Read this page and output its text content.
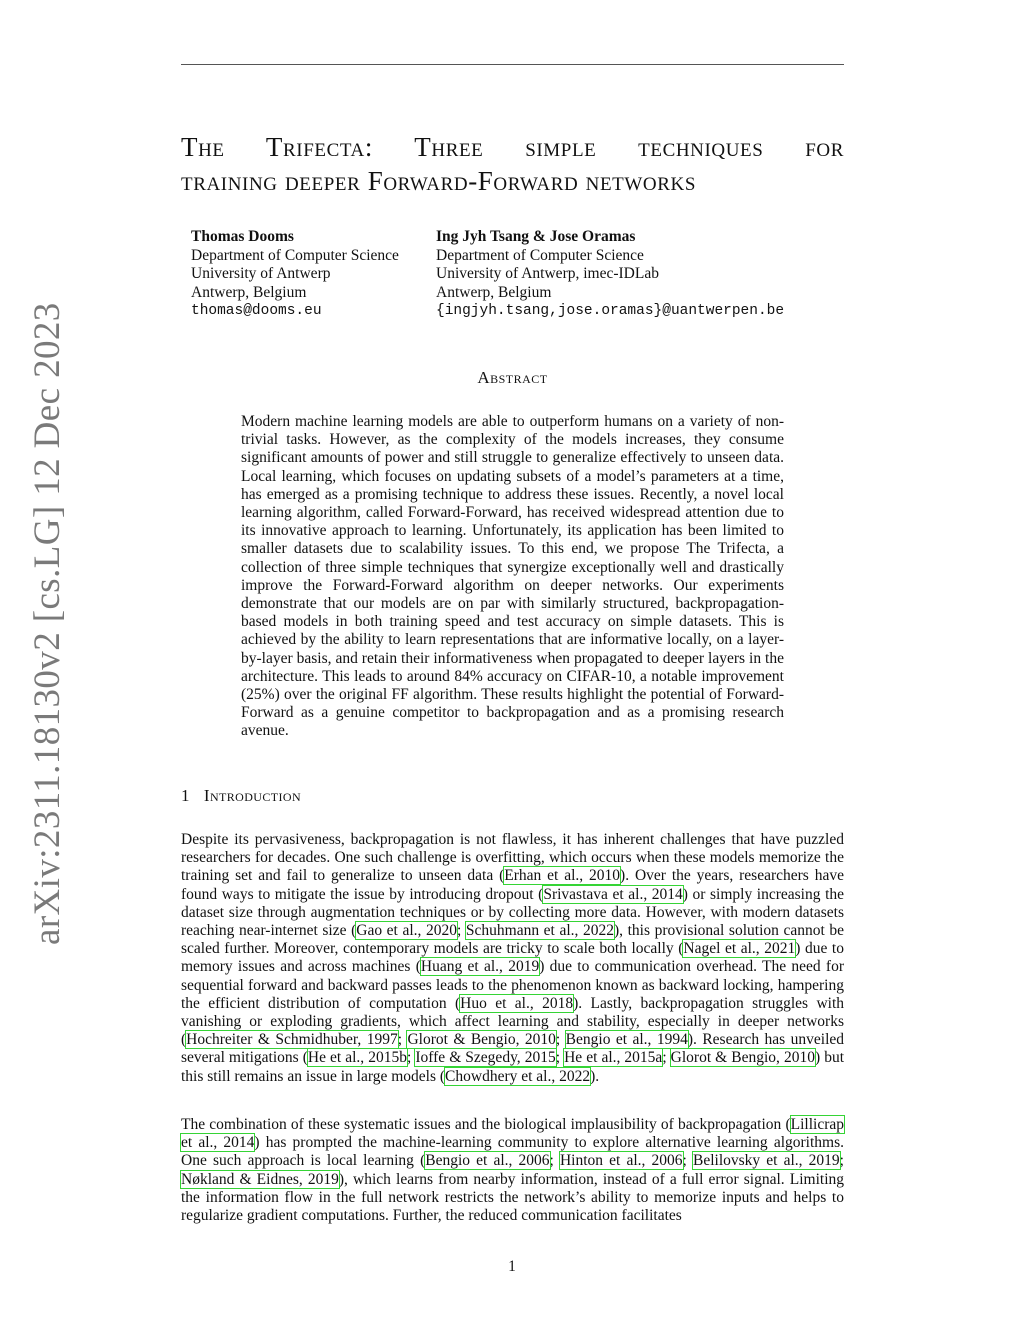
arXiv:2311.18130v2 [cs.LG] 12 Dec 2023
The Trifecta: Three simple techniques for
training deeper Forward-Forward networks
Thomas Dooms
Department of Computer Science
University of Antwerp
Antwerp, Belgium
thomas@dooms.eu
Ing Jyh Tsang & Jose Oramas
Department of Computer Science
University of Antwerp, imec-IDLab
Antwerp, Belgium
{ingjyh.tsang,jose.oramas}@uantwerpen.be
Abstract

Modern machine learning models are able to outperform humans on a variety of non-trivial tasks. However, as the complexity of the models increases, they consume significant amounts of power and still struggle to generalize effectively to unseen data. Local learning, which focuses on updating subsets of a model’s parameters at a time, has emerged as a promising technique to address these issues. Recently, a novel local learning algorithm, called Forward-Forward, has received widespread attention due to its innovative approach to learning. Unfortunately, its application has been limited to smaller datasets due to scalability issues. To this end, we propose The Trifecta, a collection of three simple techniques that synergize exceptionally well and drastically improve the Forward-Forward algorithm on deeper networks. Our experiments demonstrate that our models are on par with similarly structured, backpropagation-based models in both training speed and test accuracy on simple datasets. This is achieved by the ability to learn representations that are informative locally, on a layer-by-layer basis, and retain their informativeness when propagated to deeper layers in the architecture. This leads to around 84% accuracy on CIFAR-10, a notable improvement (25%) over the original FF algorithm. These results highlight the potential of Forward-Forward as a genuine competitor to backpropagation and as a promising research avenue.

1 Introduction

Despite its pervasiveness, backpropagation is not flawless, it has inherent challenges that have puzzled researchers for decades. One such challenge is overfitting, which occurs when these models memorize the training set and fail to generalize to unseen data (Erhan et al., 2010). Over the years, researchers have found ways to mitigate the issue by introducing dropout (Srivastava et al., 2014) or simply increasing the dataset size through augmentation techniques or by collecting more data. However, with modern datasets reaching near-internet size (Gao et al., 2020; Schuhmann et al., 2022), this provisional solution cannot be scaled further. Moreover, contemporary models are tricky to scale both locally (Nagel et al., 2021) due to memory issues and across machines (Huang et al., 2019) due to communication overhead. The need for sequential forward and backward passes leads to the phenomenon known as backward locking, hampering the efficient distribution of computation (Huo et al., 2018). Lastly, backpropagation struggles with vanishing or exploding gradients, which affect learning and stability, especially in deeper networks (Hochreiter & Schmidhuber, 1997; Glorot & Bengio, 2010; Bengio et al., 1994). Research has unveiled several mitigations (He et al., 2015b; Ioffe & Szegedy, 2015; He et al., 2015a; Glorot & Bengio, 2010) but this still remains an issue in large models (Chowdhery et al., 2022).

The combination of these systematic issues and the biological implausibility of backpropagation (Lillicrap et al., 2014) has prompted the machine-learning community to explore alternative learning algorithms. One such approach is local learning (Bengio et al., 2006; Hinton et al., 2006; Belilovsky et al., 2019; Nøkland & Eidnes, 2019), which learns from nearby information, instead of a full error signal. Limiting the information flow in the full network restricts the network’s ability to memorize inputs and helps to regularize gradient computations. Further, the reduced communication facilitates

1
